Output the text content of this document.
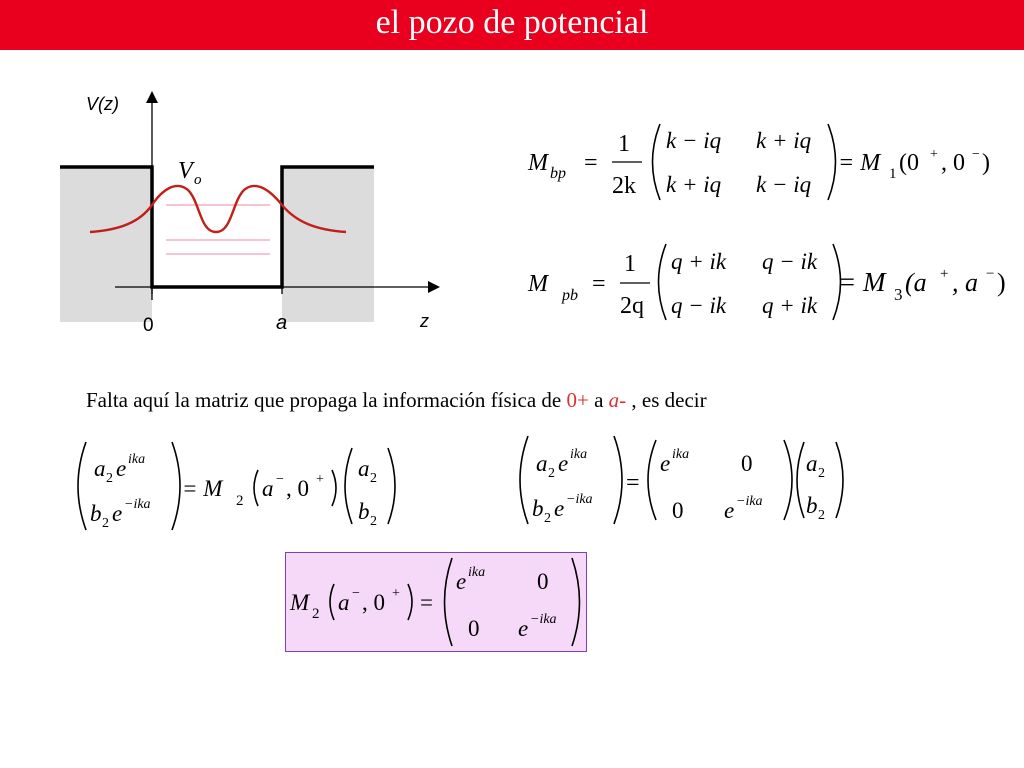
el pozo de potencial
V(z)
V o
0	a	z
M bp =
1
2k
k − iq k + iq
k + iq k − iq
= M 1 (0 + , 0 − )
M pb =
1
2q
q + ik q − ik
q − ik q + ik
= M 3 (a + , a − )
a 2 e ika
b 2 e −ika
= M 2 a − , 0 + a 2
b 2
a 2 e ika
b 2 e −ika
=
e ika 0
0 e −ika
a 2
b 2
M 2 a − , 0 + =
e ika 0
0 e −ika
Falta aquí la matriz que propaga la información física de 0+ a a- , es decir
